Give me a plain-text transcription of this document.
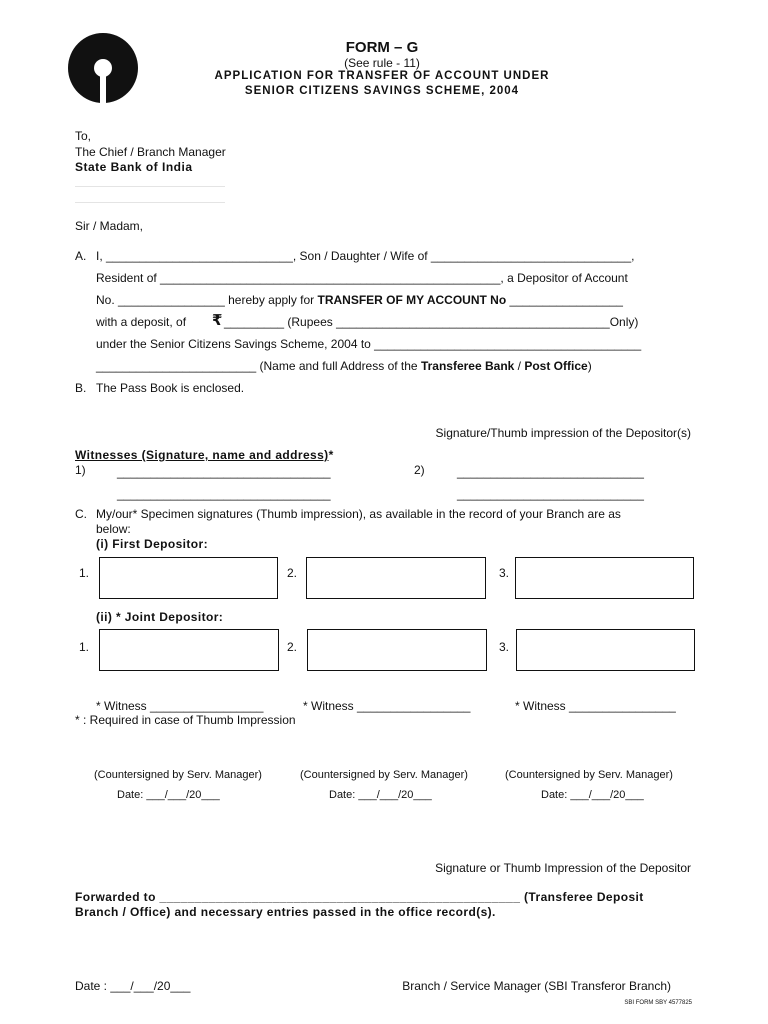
FORM – G
(See rule - 11)
APPLICATION FOR TRANSFER OF ACCOUNT UNDER
SENIOR CITIZENS SAVINGS SCHEME, 2004
To,
The Chief / Branch Manager
State Bank of India
Sir / Madam,
A. I, ____________________________, Son / Daughter / Wife of ______________________________,
Resident of ___________________________________________________, a Depositor of Account
No. ________________ hereby apply for TRANSFER OF MY ACCOUNT No _________________
with a deposit, of ₹ _________ (Rupees _________________________________________Only)
under the Senior Citizens Savings Scheme, 2004 to ________________________________________
________________________ (Name and full Address of the Transferee Bank / Post Office)
B. The Pass Book is enclosed.
Signature/Thumb impression of the Depositor(s)
Witnesses (Signature, name and address)*
1)	________________________________	2)	____________________________
________________________________	____________________________
C. My/our* Specimen signatures (Thumb impression), as available in the record of your Branch are as
below:
(i) First Depositor:
1.	2.	3.
(ii) * Joint Depositor:
1.	2.	3.
* Witness _________________	* Witness _________________	* Witness ________________
* : Required in case of Thumb Impression
(Countersigned by Serv. Manager)	(Countersigned by Serv. Manager)	(Countersigned by Serv. Manager)
Date: ___/___/20___	Date: ___/___/20___	Date: ___/___/20___
Signature or Thumb Impression of the Depositor
Forwarded to ___________________________________________________ (Transferee Deposit
Branch / Office) and necessary entries passed in the office record(s).
Date : ___/___/20___	Branch / Service Manager (SBI Transferor Branch)
SBI FORM SBY 4577825
